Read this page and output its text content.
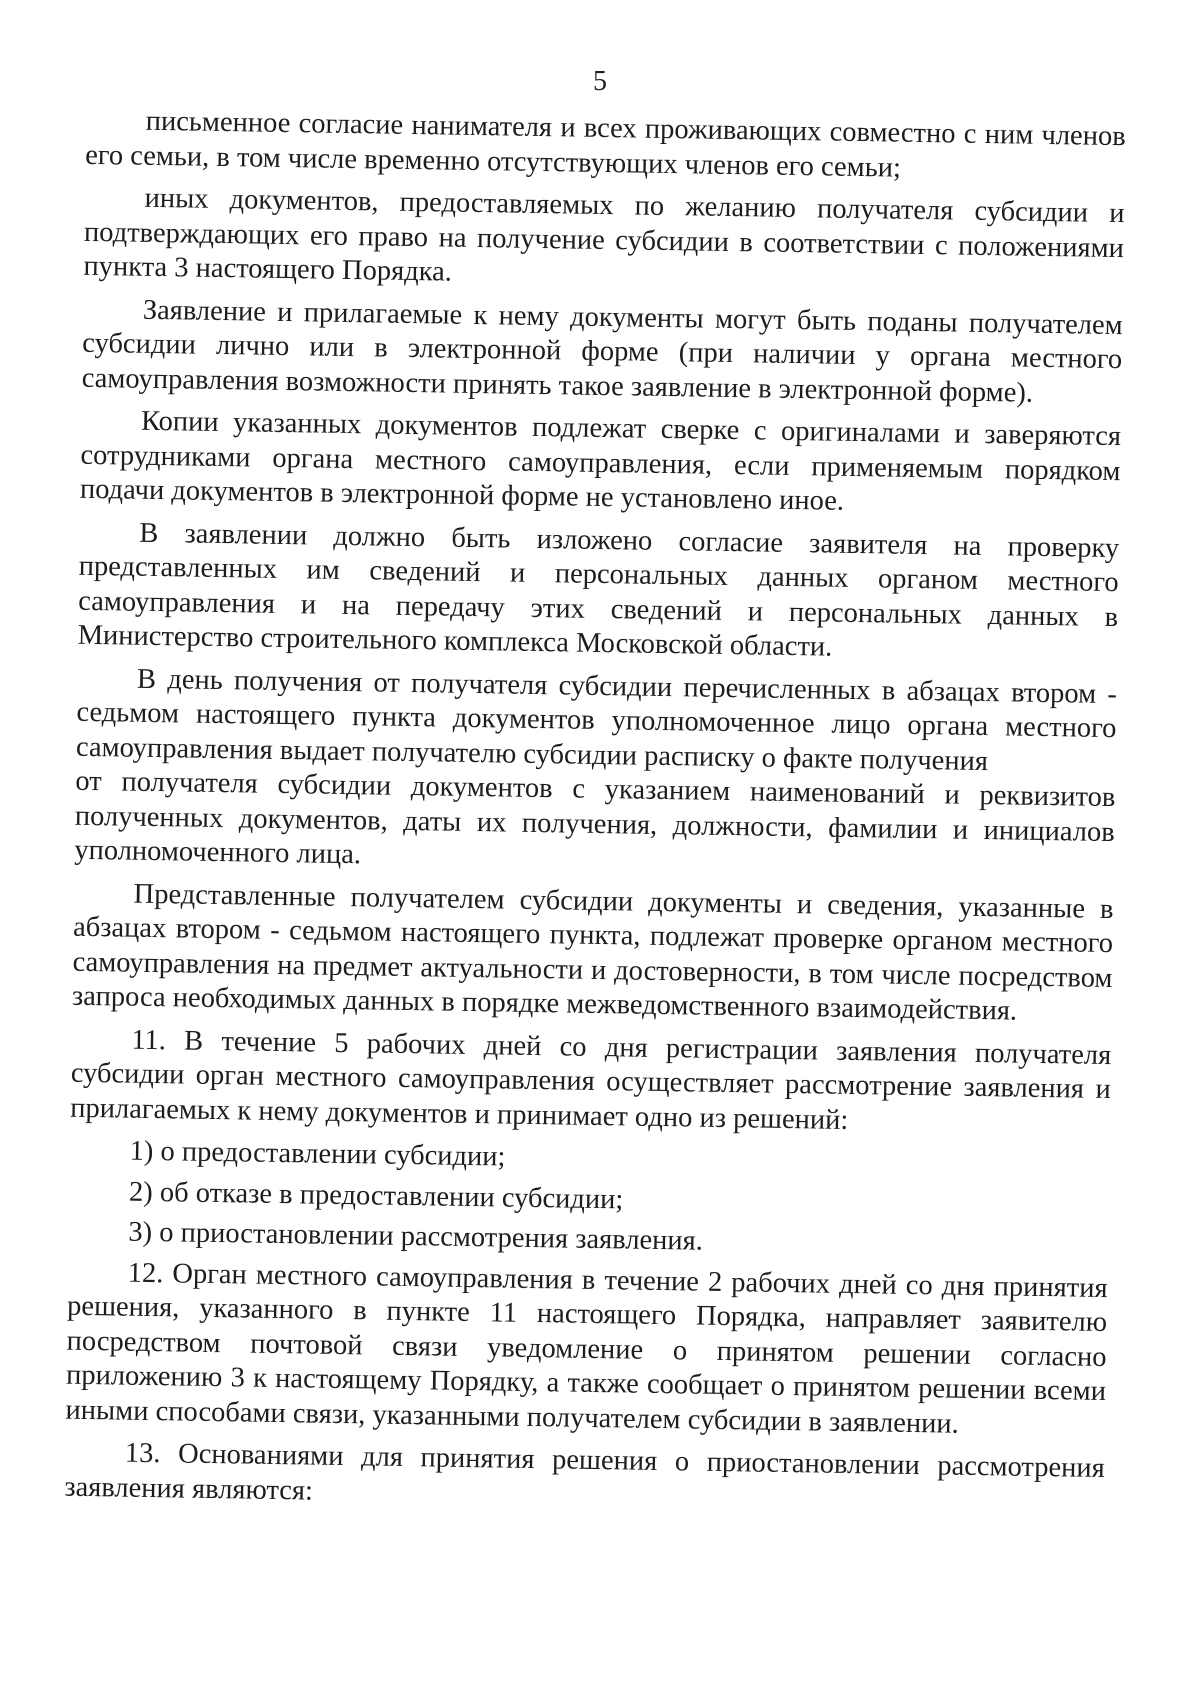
5

письменное согласие нанимателя и всех проживающих совместно с ним членов его семьи, в том числе временно отсутствующих членов его семьи;

иных документов, предоставляемых по желанию получателя субсидии и подтверждающих его право на получение субсидии в соответствии с положениями пункта 3 настоящего Порядка.

Заявление и прилагаемые к нему документы могут быть поданы получателем субсидии лично или в электронной форме (при наличии у органа местного самоуправления возможности принять такое заявление в электронной форме).

Копии указанных документов подлежат сверке с оригиналами и заверяются сотрудниками органа местного самоуправления, если применяемым порядком подачи документов в электронной форме не установлено иное.

В заявлении должно быть изложено согласие заявителя на проверку представленных им сведений и персональных данных органом местного самоуправления и на передачу этих сведений и персональных данных в Министерство строительного комплекса Московской области.

В день получения от получателя субсидии перечисленных в абзацах втором - седьмом настоящего пункта документов уполномоченное лицо органа местного самоуправления выдает получателю субсидии расписку о факте получения

от получателя субсидии документов с указанием наименований и реквизитов полученных документов, даты их получения, должности, фамилии и инициалов уполномоченного лица.

Представленные получателем субсидии документы и сведения, указанные в абзацах втором - седьмом настоящего пункта, подлежат проверке органом местного самоуправления на предмет актуальности и достоверности, в том числе посредством запроса необходимых данных в порядке межведомственного взаимодействия.

11. В течение 5 рабочих дней со дня регистрации заявления получателя субсидии орган местного самоуправления осуществляет рассмотрение заявления и прилагаемых к нему документов и принимает одно из решений:

1) о предоставлении субсидии;

2) об отказе в предоставлении субсидии;

3) о приостановлении рассмотрения заявления.

12. Орган местного самоуправления в течение 2 рабочих дней со дня принятия решения, указанного в пункте 11 настоящего Порядка, направляет заявителю посредством почтовой связи уведомление о принятом решении согласно приложению 3 к настоящему Порядку, а также сообщает о принятом решении всеми иными способами связи, указанными получателем субсидии в заявлении.

13. Основаниями для принятия решения о приостановлении рассмотрения заявления являются:
